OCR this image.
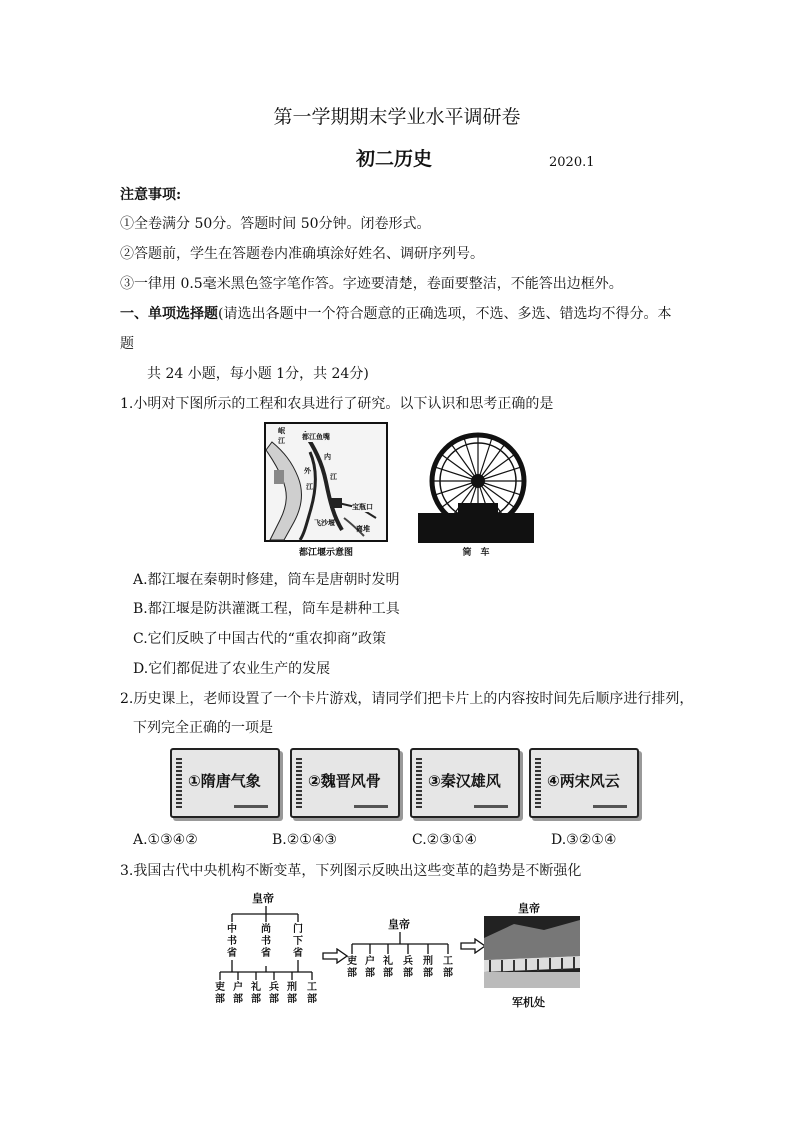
第一学期期末学业水平调研卷
初二历史	2020.1
注意事项:
①全卷满分 50分。答题时间 50分钟。闭卷形式。
②答题前，学生在答题卷内准确填涂好姓名、调研序列号。
③一律用 0.5毫米黑色签字笔作答。字迹要清楚，卷面要整洁，不能答出边框外。
一、单项选择题(请选出各题中一个符合题意的正确选项，不选、多选、错选均不得分。本
题
共 24 小题，每小题 1分，共 24分)
1.小明对下图所示的工程和农具进行了研究。以下认识和思考正确的是
岷
江 都江鱼嘴
外
江
内
江
宝瓶口
离堆
飞沙堰
都江堰示意图	筒　车
A.都江堰在秦朝时修建，筒车是唐朝时发明
B.都江堰是防洪灌溉工程，筒车是耕种工具
C.它们反映了中国古代的“重农抑商”政策
D.它们都促进了农业生产的发展
2.历史课上，老师设置了一个卡片游戏，请同学们把卡片上的内容按时间先后顺序进行排列，
下列完全正确的一项是
①隋唐气象	②魏晋风骨	③秦汉雄风	④两宋风云
A.①③④②	B.②①④③	C.②③①④	D.③②①④
3.我国古代中央机构不断变革，下列图示反映出这些变革的趋势是不断强化
皇帝
中书省
尚书省
门下省
吏部
户部
礼部
兵部
刑部
工部
皇帝
吏部
户部
礼部
兵部
刑部
工部
皇帝
军机处
